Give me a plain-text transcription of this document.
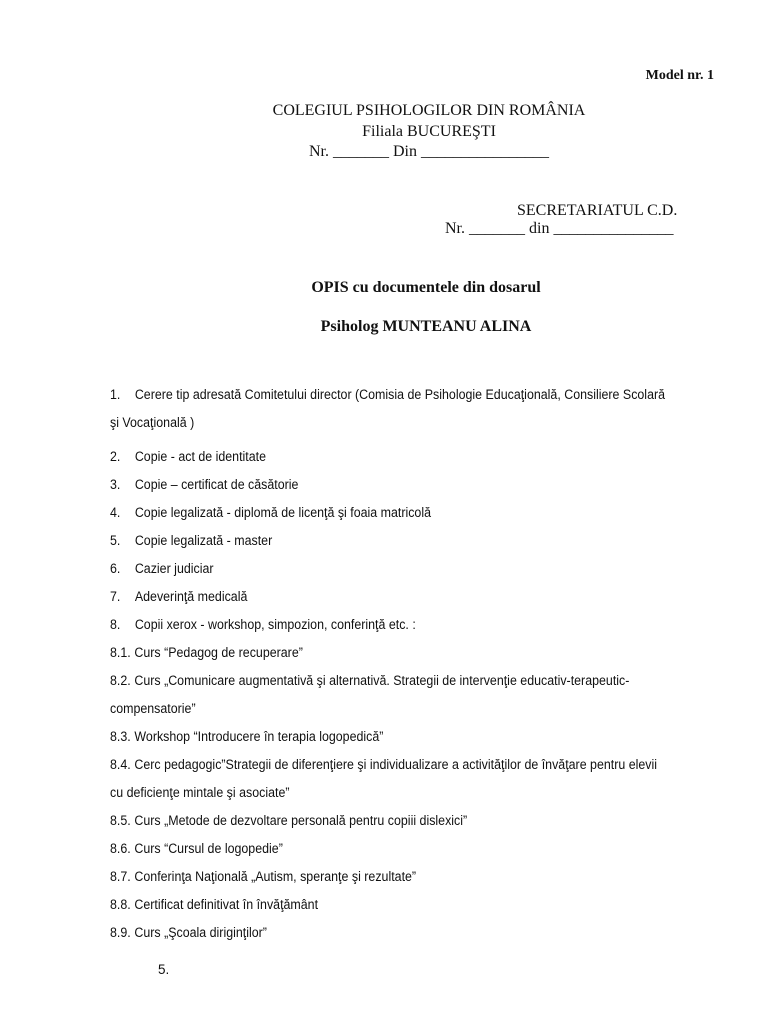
Model nr. 1
COLEGIUL PSIHOLOGILOR DIN ROMÂNIA
Filiala BUCUREŞTI
Nr. _______ Din ________________
SECRETARIATUL C.D.
Nr. _______ din _______________
OPIS cu documentele din dosarul
Psiholog MUNTEANU ALINA
1. Cerere tip adresată Comitetului director (Comisia de Psihologie Educaţională, Consiliere Scolară şi Vocaţională )
2. Copie - act de identitate
3. Copie – certificat de căsătorie
4. Copie legalizată - diplomă de licenţă şi foaia matricolă
5. Copie legalizată - master
6. Cazier judiciar
7. Adeverinţă medicală
8. Copii xerox - workshop, simpozion, conferinţă etc. :
8.1. Curs “Pedagog de recuperare”
8.2. Curs „Comunicare augmentativă şi alternativă. Strategii de intervenţie educativ-terapeutic-compensatorie”
8.3. Workshop “Introducere în terapia logopedică”
8.4. Cerc pedagogic”Strategii de diferenţiere şi individualizare a activităţilor de învăţare pentru elevii cu deficienţe mintale şi asociate”
8.5. Curs „Metode de dezvoltare personală pentru copiii dislexici”
8.6. Curs “Cursul de logopedie”
8.7. Conferinţa Naţională „Autism, speranţe şi rezultate”
8.8. Certificat definitivat în învăţământ
8.9. Curs „Şcoala diriginţilor”
5.
